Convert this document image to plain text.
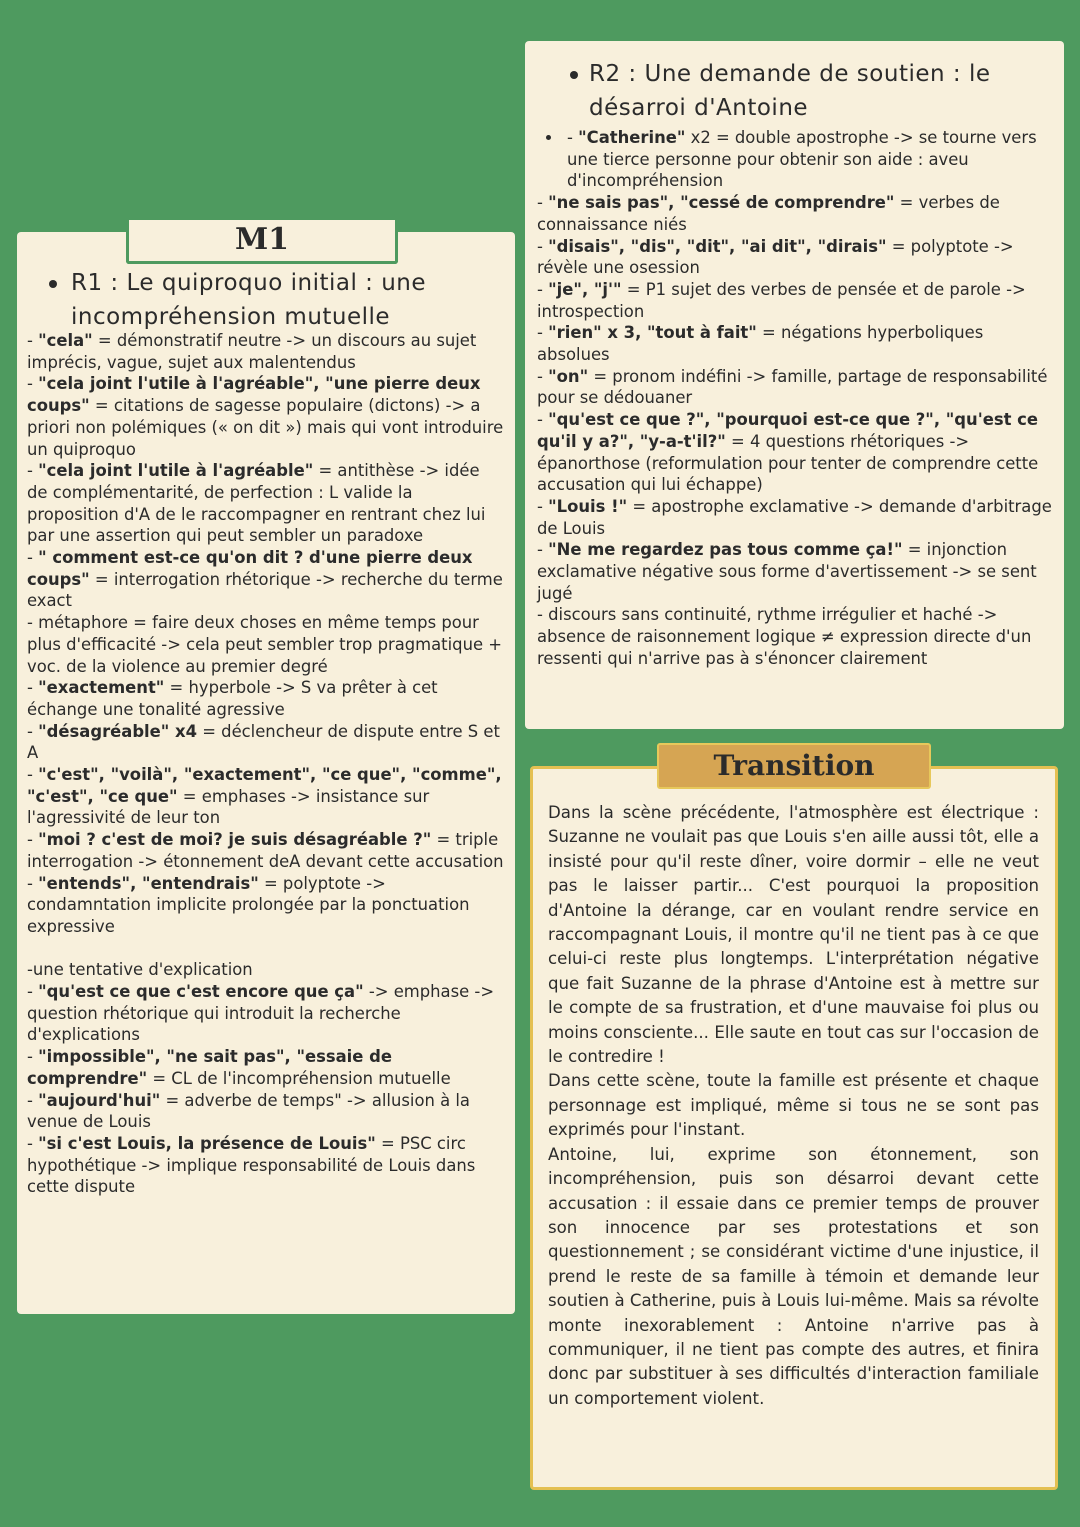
R1 : Le quiproquo initial : une incompréhension mutuelle

- "cela" = démonstratif neutre -> un discours au sujet imprécis, vague, sujet aux malentendus

- "cela joint l'utile à l'agréable", "une pierre deux coups" = citations de sagesse populaire (dictons) -> a priori non polémiques (« on dit ») mais qui vont introduire un quiproquo

- "cela joint l'utile à l'agréable" = antithèse -> idée de complémentarité, de perfection : L valide la proposition d'A de le raccompagner en rentrant chez lui par une assertion qui peut sembler un paradoxe

- " comment est-ce qu'on dit ? d'une pierre deux coups" = interrogation rhétorique -> recherche du terme exact

- métaphore = faire deux choses en même temps pour plus d'efficacité -> cela peut sembler trop pragmatique + voc. de la violence au premier degré

- "exactement" = hyperbole -> S va prêter à cet échange une tonalité agressive

- "désagréable" x4 = déclencheur de dispute entre S et A

- "c'est", "voilà", "exactement", "ce que", "comme", "c'est", "ce que" = emphases -> insistance sur l'agressivité de leur ton

- "moi ? c'est de moi? je suis désagréable ?" = triple interrogation -> étonnement deA devant cette accusation

- "entends", "entendrais" = polyptote -> condamntation implicite prolongée par la ponctuation expressive

-une tentative d'explication

- "qu'est ce que c'est encore que ça" -> emphase -> question rhétorique qui introduit la recherche d'explications

- "impossible", "ne sait pas", "essaie de comprendre" = CL de l'incompréhension mutuelle

- "aujourd'hui" = adverbe de temps" -> allusion à la venue de Louis

- "si c'est Louis, la présence de Louis" = PSC circ hypothétique -> implique responsabilité de Louis dans cette dispute

M1
R2 : Une demande de soutien : le désarroi d'Antoine

- "Catherine" x2 = double apostrophe -> se tourne vers une tierce personne pour obtenir son aide : aveu d'incompréhension

- "ne sais pas", "cessé de comprendre" = verbes de connaissance niés

- "disais", "dis", "dit", "ai dit", "dirais" = polyptote -> révèle une osession

- "je", "j'" = P1 sujet des verbes de pensée et de parole -> introspection

- "rien" x 3, "tout à fait" = négations hyperboliques absolues

- "on" = pronom indéfini -> famille, partage de responsabilité pour se dédouaner

- "qu'est ce que ?", "pourquoi est-ce que ?", "qu'est ce qu'il y a?", "y-a-t'il?" = 4 questions rhétoriques -> épanorthose (reformulation pour tenter de comprendre cette accusation qui lui échappe)

- "Louis !" = apostrophe exclamative -> demande d'arbitrage de Louis

- "Ne me regardez pas tous comme ça!" = injonction exclamative négative sous forme d'avertissement -> se sent jugé

- discours sans continuité, rythme irrégulier et haché -> absence de raisonnement logique ≠ expression directe d'un ressenti qui n'arrive pas à s'énoncer clairement

Dans la scène précédente, l'atmosphère est électrique : Suzanne ne voulait pas que Louis s'en aille aussi tôt, elle a insisté pour qu'il reste dîner, voire dormir – elle ne veut pas le laisser partir... C'est pourquoi la proposition d'Antoine la dérange, car en voulant rendre service en raccompagnant Louis, il montre qu'il ne tient pas à ce que celui-ci reste plus longtemps. L'interprétation négative que fait Suzanne de la phrase d'Antoine est à mettre sur le compte de sa frustration, et d'une mauvaise foi plus ou moins consciente... Elle saute en tout cas sur l'occasion de le contredire !

Dans cette scène, toute la famille est présente et chaque personnage est impliqué, même si tous ne se sont pas exprimés pour l'instant.

Antoine, lui, exprime son étonnement, son incompréhension, puis son désarroi devant cette accusation : il essaie dans ce premier temps de prouver son innocence par ses protestations et son questionnement ; se considérant victime d'une injustice, il prend le reste de sa famille à témoin et demande leur soutien à Catherine, puis à Louis lui-même. Mais sa révolte monte inexorablement : Antoine n'arrive pas à communiquer, il ne tient pas compte des autres, et finira donc par substituer à ses difficultés d'interaction familiale un comportement violent.

Transition
